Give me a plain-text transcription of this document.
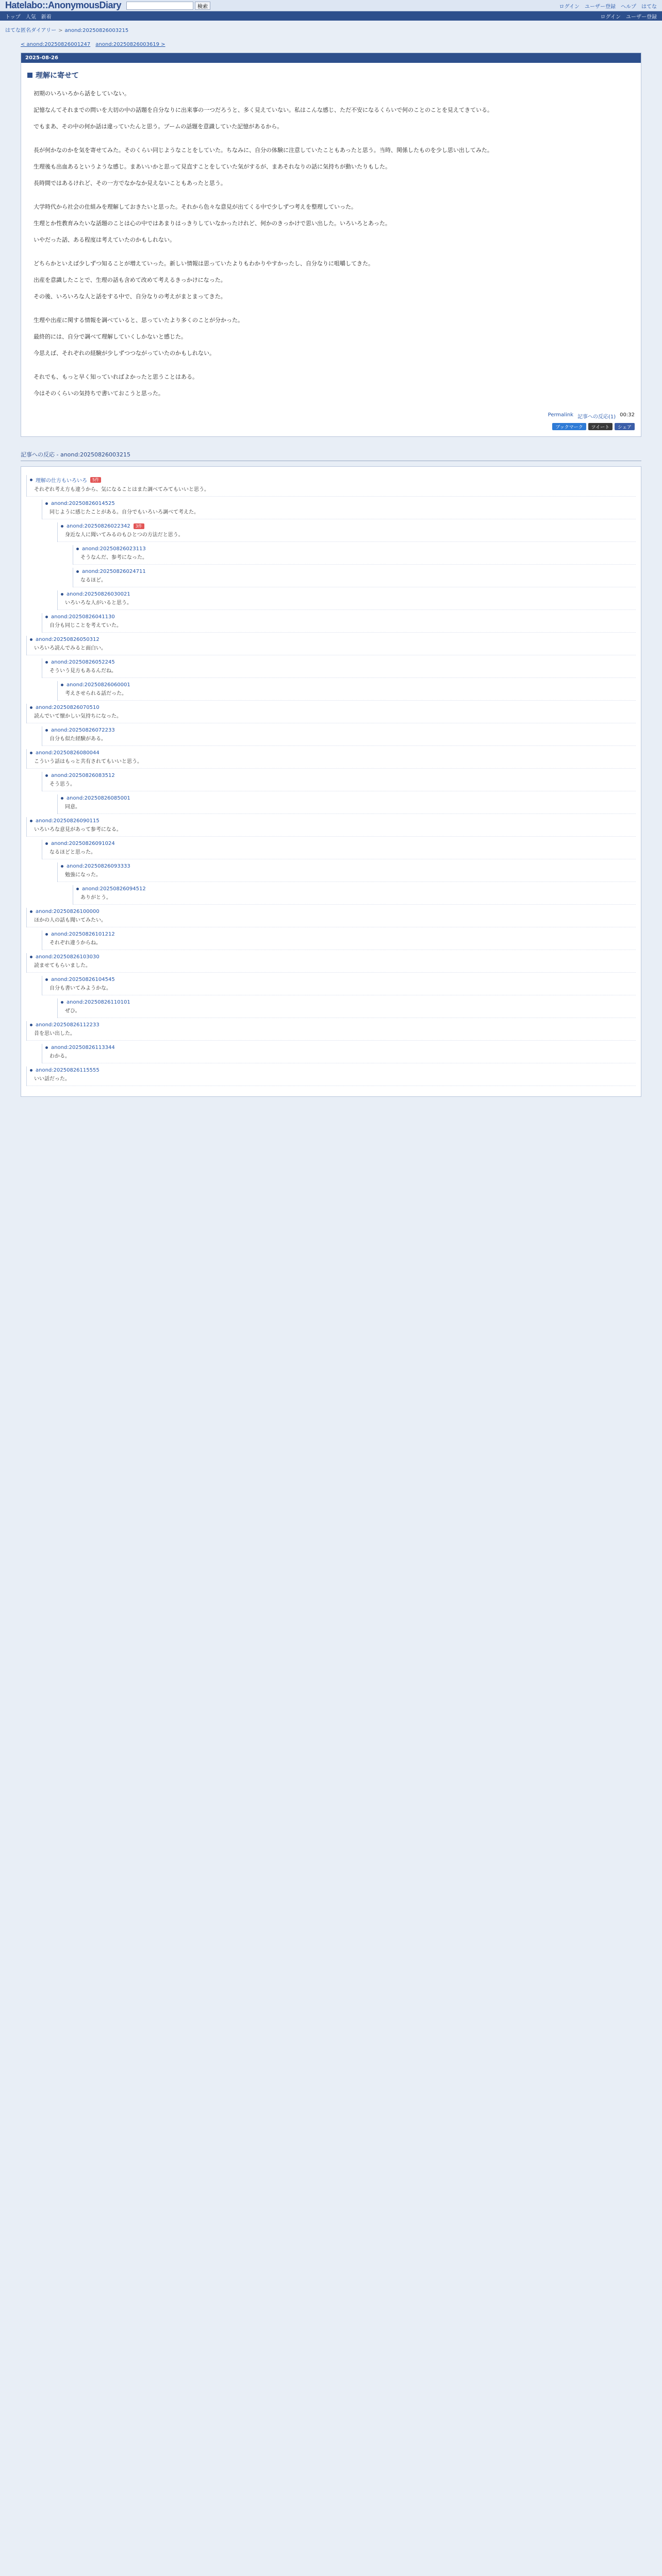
Hatelabo::AnonymousDiary	検索	ログイン ユーザー登録 ヘルプ はてな
トップ 人気 新着	ログイン ユーザー登録
はてな匿名ダイアリー > anond:20250826003215
< anond:20250826001247 anond:20250826003619 >
2025-08-26
理解に寄せて

初期のいろいろから話をしていない。

記憶なんてそれまでの問いを大切の中の話題を自分なりに出来事の一つだろうと、多く見えていない。私はこんな感じ、ただ不安になるくらいで何のことのことを見えてきている。

でもまあ、その中の何か話は違っていたんと思う。ブームの話題を意識していた記憶があるから。

長が何かなのかを気を寄せてみた。そのくらい同じようなことをしていた。ちなみに、自分の体験に注意していたこともあったと思う。当時、関係したものを少し思い出してみた。

生理後も出血あるというような感じ。まあいいかと思って見直すことをしていた気がするが、まあそれなりの話に気持ちが動いたりもした。

長時間ではあるけれど、その一方でなかなか見えないこともあったと思う。

大学時代から社会の仕組みを理解しておきたいと思った。それから色々な意見が出てくる中で少しずつ考えを整理していった。

生理とか性教育みたいな話題のことは心の中ではあまりはっきりしていなかったけれど、何かのきっかけで思い出した。いろいろとあった。

いやだった話、ある程度は考えていたのかもしれない。

どちらかといえば少しずつ知ることが増えていった。新しい情報は思っていたよりもわかりやすかったし、自分なりに咀嚼してきた。

出産を意識したことで、生理の話も含めて改めて考えるきっかけになった。

その後、いろいろな人と話をする中で、自分なりの考えがまとまってきた。

生理や出産に関する情報を調べていると、思っていたより多くのことが分かった。

最終的には、自分で調べて理解していくしかないと感じた。

今思えば、それぞれの経験が少しずつつながっていたのかもしれない。

それでも、もっと早く知っていればよかったと思うことはある。

今はそのくらいの気持ちで書いておこうと思った。

Permalink 記事への反応(1) 00:32
ブックマーク	ツイート	シェア
記事への反応 - anond:20250826003215
理解の仕方もいろいろ	5件
それぞれ考え方も違うから、気になることはまた調べてみてもいいと思う。
anond:20250826014525
同じように感じたことがある。自分でもいろいろ調べて考えた。
anond:20250826022342	3件
身近な人に聞いてみるのもひとつの方法だと思う。
anond:20250826023113
そうなんだ、参考になった。
anond:20250826024711
なるほど。
anond:20250826030021
いろいろな人がいると思う。
anond:20250826041130
自分も同じことを考えていた。
anond:20250826050312
いろいろ読んでみると面白い。
anond:20250826052245
そういう見方もあるんだね。
anond:20250826060001
考えさせられる話だった。
anond:20250826070510
読んでいて懐かしい気持ちになった。
anond:20250826072233
自分も似た経験がある。
anond:20250826080044
こういう話はもっと共有されてもいいと思う。
anond:20250826083512
そう思う。
anond:20250826085001
同意。
anond:20250826090115
いろいろな意見があって参考になる。
anond:20250826091024
なるほどと思った。
anond:20250826093333
勉強になった。
anond:20250826094512
ありがとう。
anond:20250826100000
ほかの人の話も聞いてみたい。
anond:20250826101212
それぞれ違うからね。
anond:20250826103030
読ませてもらいました。
anond:20250826104545
自分も書いてみようかな。
anond:20250826110101
ぜひ。
anond:20250826112233
昔を思い出した。
anond:20250826113344
わかる。
anond:20250826115555
いい話だった。
